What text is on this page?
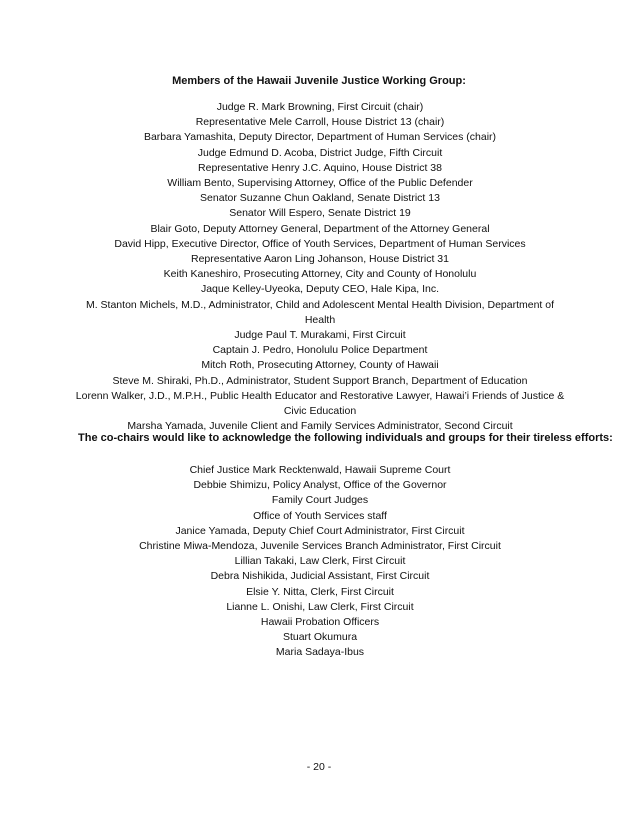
Members of the Hawaii Juvenile Justice Working Group:
Judge R. Mark Browning, First Circuit (chair)
Representative Mele Carroll, House District 13 (chair)
Barbara Yamashita, Deputy Director, Department of Human Services (chair)
Judge Edmund D. Acoba, District Judge, Fifth Circuit
Representative Henry J.C. Aquino, House District 38
William Bento, Supervising Attorney, Office of the Public Defender
Senator Suzanne Chun Oakland, Senate District 13
Senator Will Espero, Senate District 19
Blair Goto, Deputy Attorney General, Department of the Attorney General
David Hipp, Executive Director, Office of Youth Services, Department of Human Services
Representative Aaron Ling Johanson, House District 31
Keith Kaneshiro, Prosecuting Attorney, City and County of Honolulu
Jaque Kelley-Uyeoka, Deputy CEO, Hale Kipa, Inc.
M. Stanton Michels, M.D., Administrator, Child and Adolescent Mental Health Division, Department of Health
Judge Paul T. Murakami, First Circuit
Captain J. Pedro, Honolulu Police Department
Mitch Roth, Prosecuting Attorney, County of Hawaii
Steve M. Shiraki, Ph.D., Administrator, Student Support Branch, Department of Education
Lorenn Walker, J.D., M.P.H., Public Health Educator and Restorative Lawyer, Hawai’i Friends of Justice & Civic Education
Marsha Yamada, Juvenile Client and Family Services Administrator, Second Circuit
The co-chairs would like to acknowledge the following individuals and groups for their tireless efforts:
Chief Justice Mark Recktenwald, Hawaii Supreme Court
Debbie Shimizu, Policy Analyst, Office of the Governor
Family Court Judges
Office of Youth Services staff
Janice Yamada, Deputy Chief Court Administrator, First Circuit
Christine Miwa-Mendoza, Juvenile Services Branch Administrator, First Circuit
Lillian Takaki, Law Clerk, First Circuit
Debra Nishikida, Judicial Assistant, First Circuit
Elsie Y. Nitta, Clerk, First Circuit
Lianne L. Onishi, Law Clerk, First Circuit
Hawaii Probation Officers
Stuart Okumura
Maria Sadaya-Ibus
- 20 -
